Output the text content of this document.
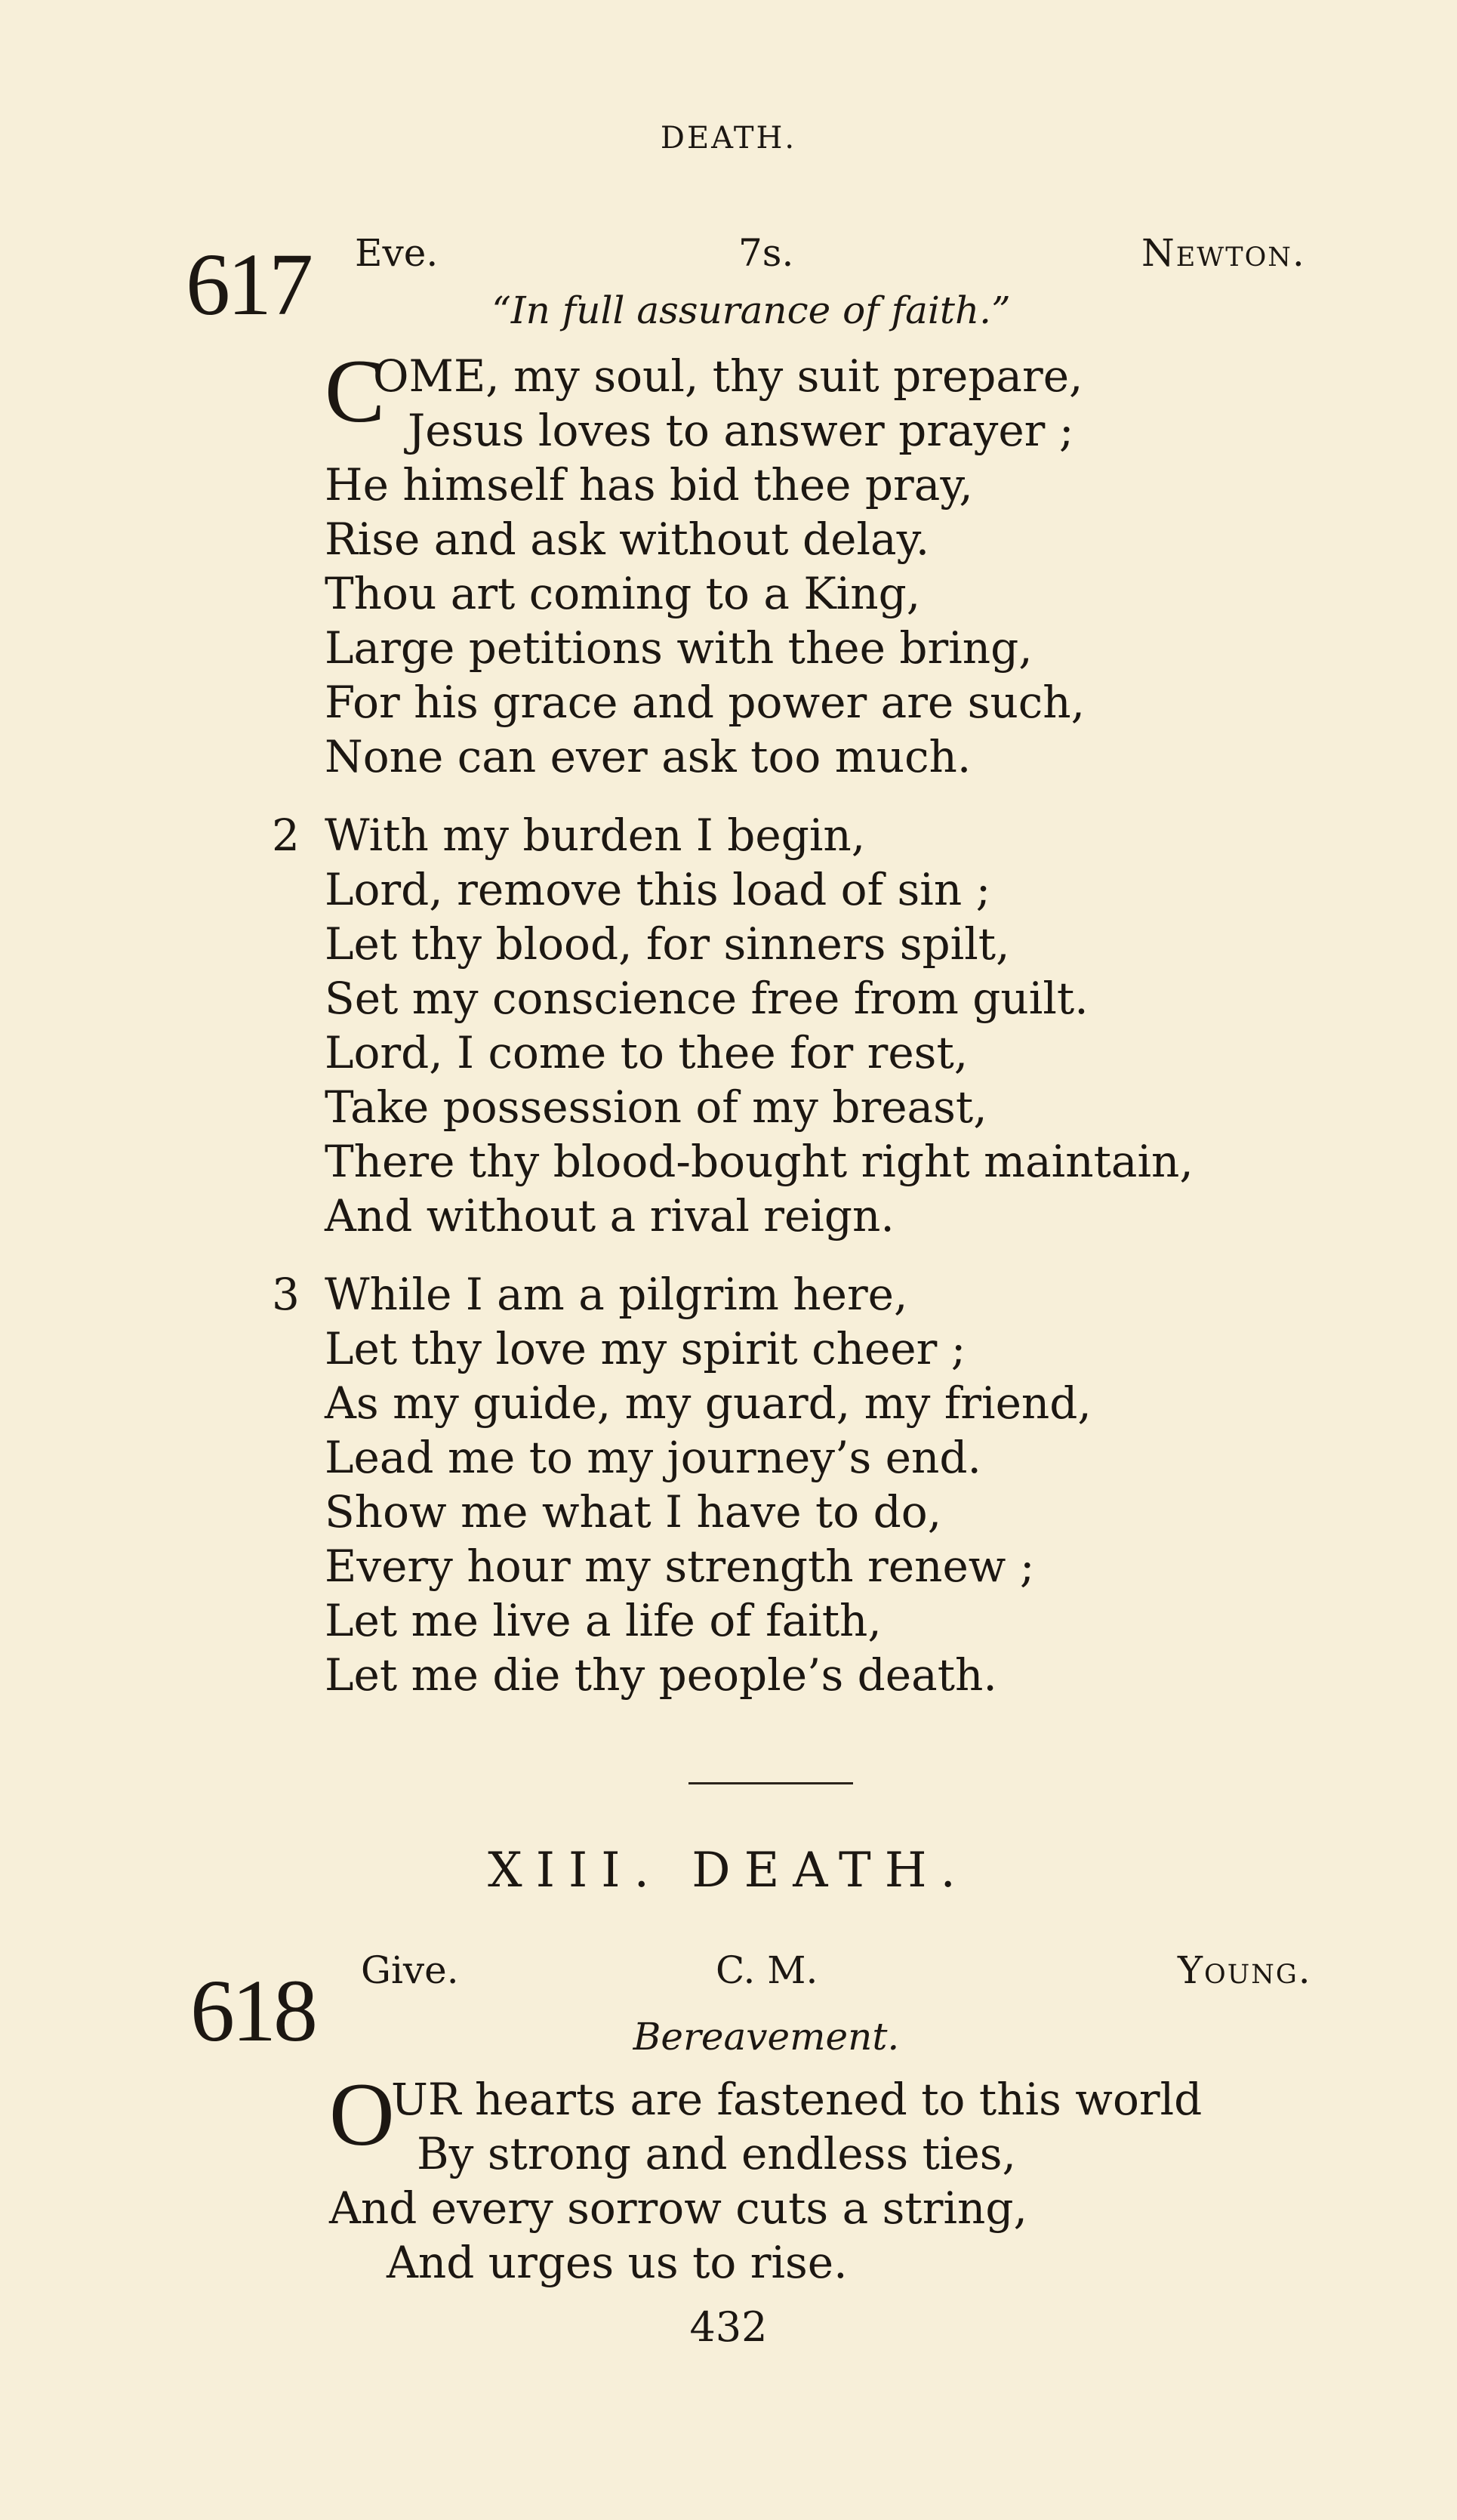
DEATH.
617 Eve.	7s.	Newton.
“In full assurance of faith.”
C
OME, my soul, thy suit prepare,
Jesus loves to answer prayer ;
He himself has bid thee pray,
Rise and ask without delay.
Thou art coming to a King,
Large petitions with thee bring,
For his grace and power are such,
None can ever ask too much.
2 With my burden I begin,
Lord, remove this load of sin ;
Let thy blood, for sinners spilt,
Set my conscience free from guilt.
Lord, I come to thee for rest,
Take possession of my breast,
There thy blood-bought right maintain,
And without a rival reign.
3 While I am a pilgrim here,
Let thy love my spirit cheer ;
As my guide, my guard, my friend,
Lead me to my journey’s end.
Show me what I have to do,
Every hour my strength renew ;
Let me live a life of faith,
Let me die thy people’s death.
XIII. DEATH.
618 Give.	C. M.	Young.
Bereavement.
O
UR hearts are fastened to this world
By strong and endless ties,
And every sorrow cuts a string,
And urges us to rise.
432
